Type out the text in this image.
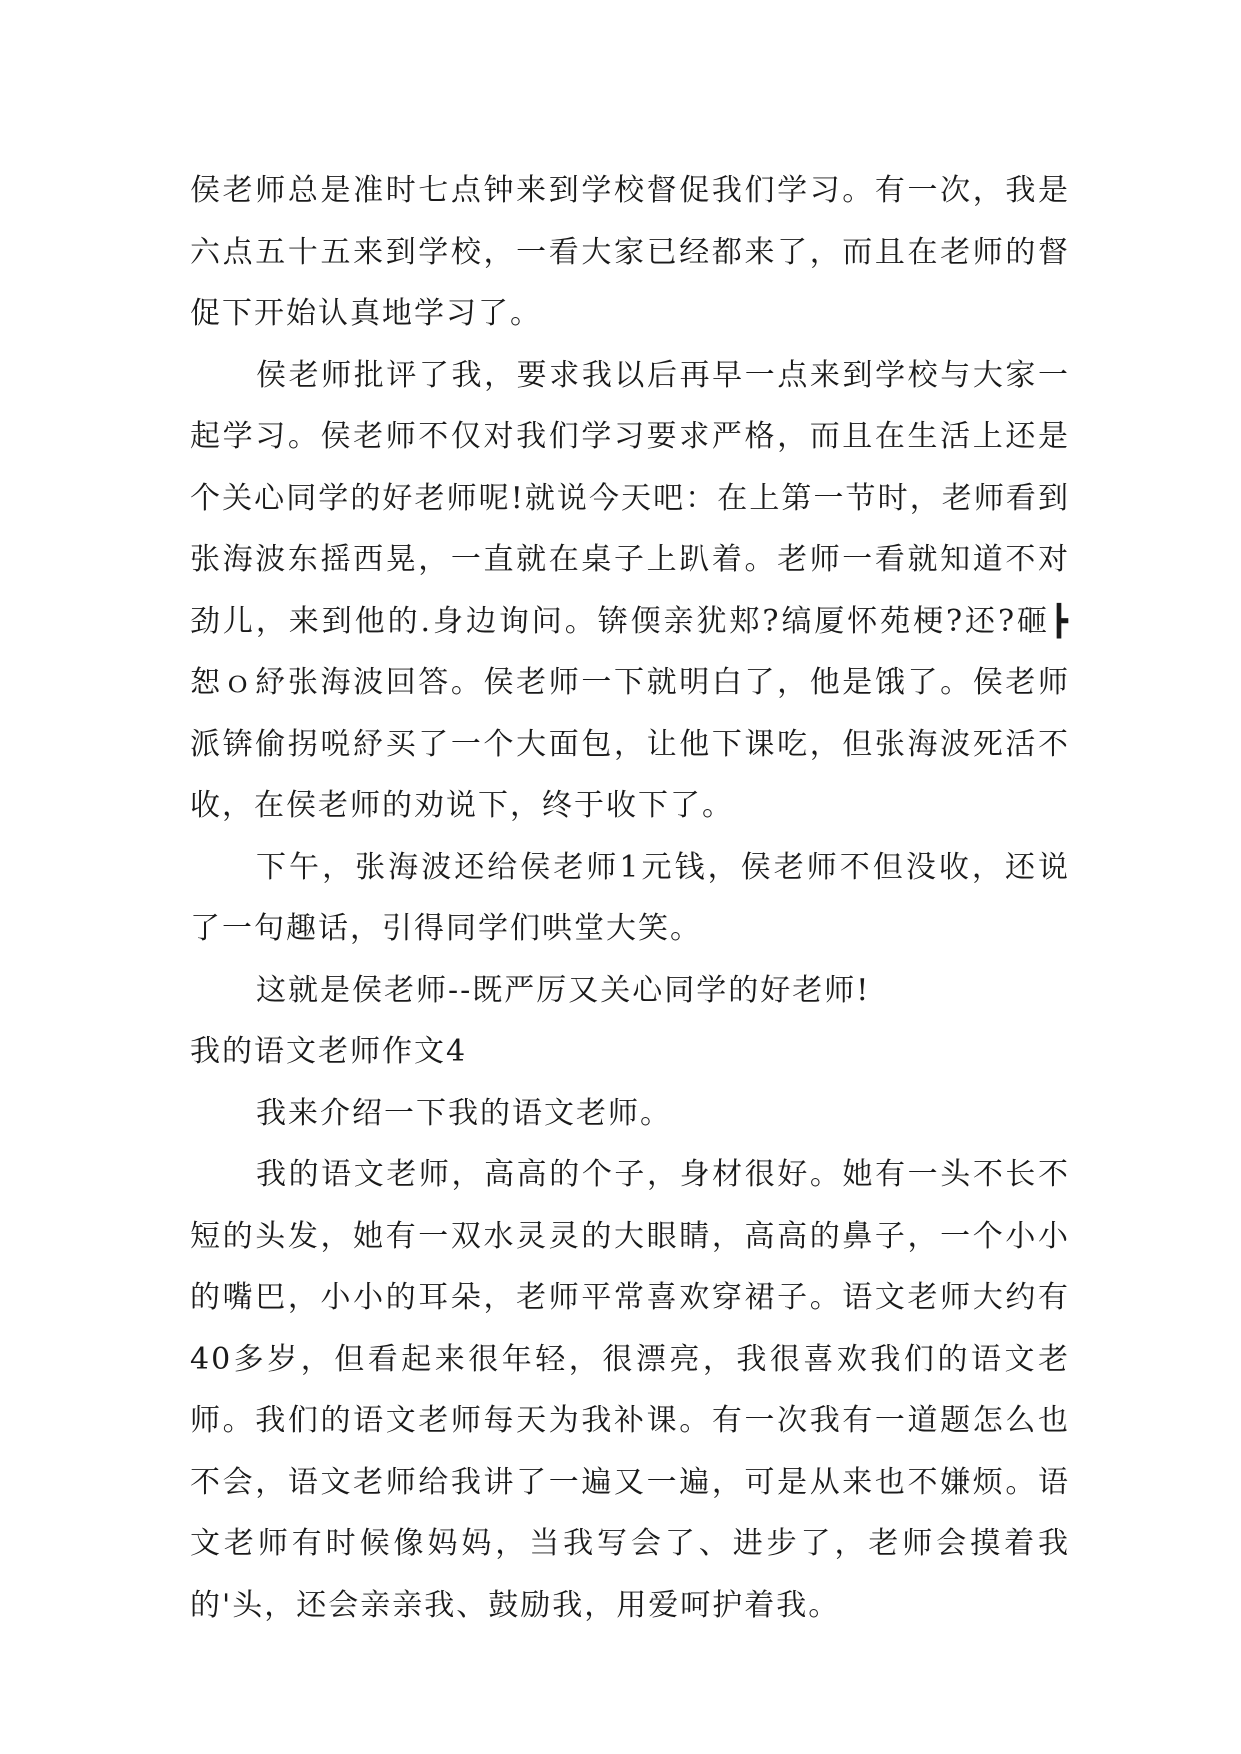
侯老师总是准时七点钟来到学校督促我们学习。有一次，我是六点五十五来到学校，一看大家已经都来了，而且在老师的督促下开始认真地学习了。

侯老师批评了我，要求我以后再早一点来到学校与大家一起学习。侯老师不仅对我们学习要求严格，而且在生活上还是个关心同学的好老师呢!就说今天吧：在上第一节时，老师看到张海波东摇西晃，一直就在桌子上趴着。老师一看就知道不对劲儿，来到他的.身边询问。锛偄亲犹郏?缟厦怀苑梗?还?砸┣恕ｏ紓张海波回答。侯老师一下就明白了，他是饿了。侯老师派锛偷拐哾紓买了一个大面包，让他下课吃，但张海波死活不收，在侯老师的劝说下，终于收下了。

下午，张海波还给侯老师1元钱，侯老师不但没收，还说了一句趣话，引得同学们哄堂大笑。

这就是侯老师--既严厉又关心同学的好老师!

我的语文老师作文4

我来介绍一下我的语文老师。

我的语文老师，高高的个子，身材很好。她有一头不长不短的头发，她有一双水灵灵的大眼睛，高高的鼻子，一个小小的嘴巴，小小的耳朵，老师平常喜欢穿裙子。语文老师大约有40多岁，但看起来很年轻，很漂亮，我很喜欢我们的语文老师。我们的语文老师每天为我补课。有一次我有一道题怎么也不会，语文老师给我讲了一遍又一遍，可是从来也不嫌烦。语文老师有时候像妈妈，当我写会了、进步了，老师会摸着我的'头，还会亲亲我、鼓励我，用爱呵护着我。
